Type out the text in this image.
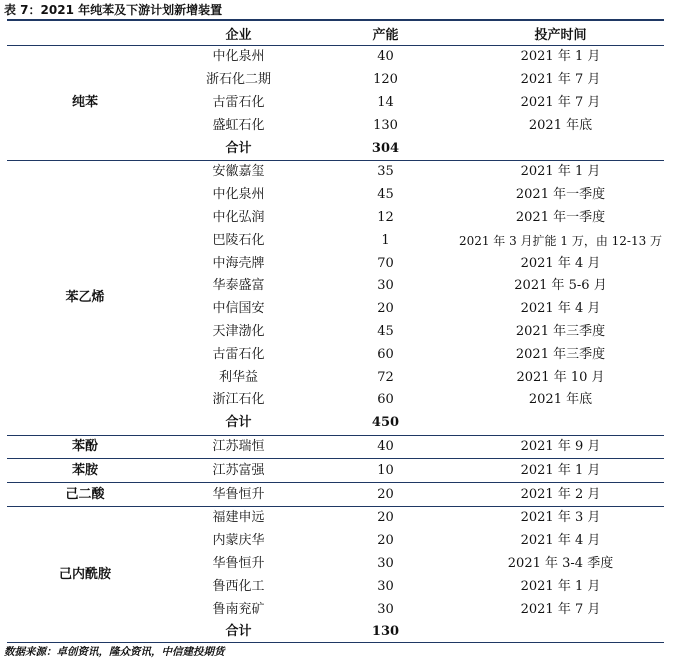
表 7：2021 年纯苯及下游计划新增装置
	企业	产能	投产时间
纯苯	中化泉州	40	2021 年 1 月
	浙石化二期	120	2021 年 7 月
	古雷石化	14	2021 年 7 月
	盛虹石化	130	2021 年底
	合计	304	
苯乙烯	安徽嘉玺	35	2021 年 1 月
	中化泉州	45	2021 年一季度
	中化弘润	12	2021 年一季度
	巴陵石化	1	2021 年 3 月扩能 1 万，由 12-13 万
	中海壳牌	70	2021 年 4 月
	华泰盛富	30	2021 年 5-6 月
	中信国安	20	2021 年 4 月
	天津渤化	45	2021 年三季度
	古雷石化	60	2021 年三季度
	利华益	72	2021 年 10 月
	浙江石化	60	2021 年底
	合计	450	
苯酚	江苏瑞恒	40	2021 年 9 月
苯胺	江苏富强	10	2021 年 1 月
己二酸	华鲁恒升	20	2021 年 2 月
己内酰胺	福建申远	20	2021 年 3 月
	内蒙庆华	20	2021 年 4 月
	华鲁恒升	30	2021 年 3-4 季度
	鲁西化工	30	2021 年 1 月
	鲁南兖矿	30	2021 年 7 月
	合计	130	
数据来源：卓创资讯，隆众资讯，中信建投期货
